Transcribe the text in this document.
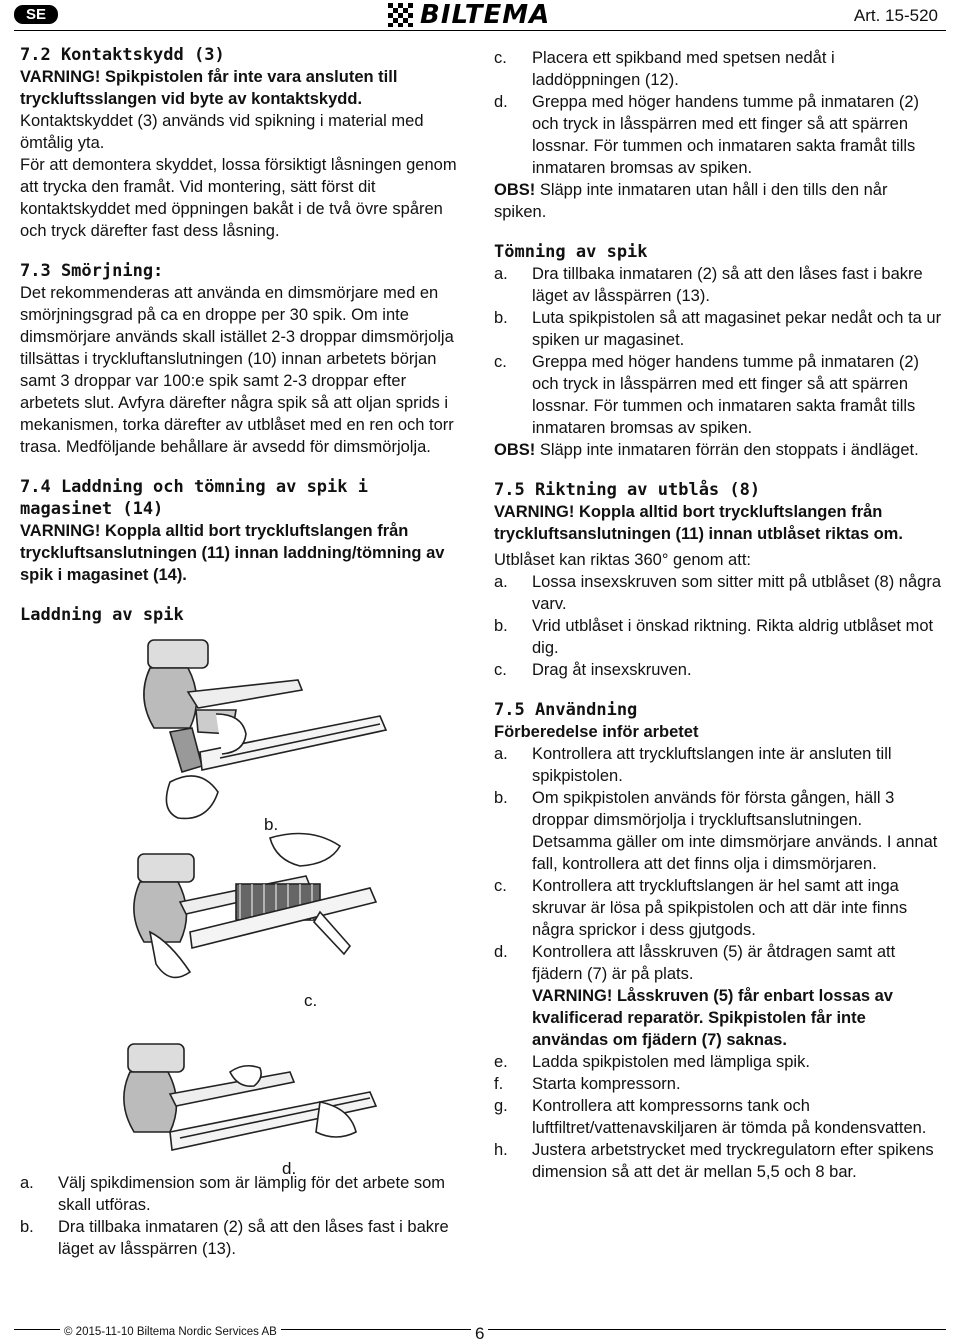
SE	BILTEMA	Art. 15-520
7.2 Kontaktskydd (3)
VARNING! Spikpistolen får inte vara ansluten till tryckluftsslangen vid byte av kontaktskydd.
Kontaktskyddet (3) används vid spikning i material med ömtålig yta.
För att demontera skyddet, lossa försiktigt låsningen genom att trycka den framåt. Vid montering, sätt först dit kontaktskyddet med öppningen bakåt i de två övre spåren och tryck därefter fast dess låsning.
7.3 Smörjning:
Det rekommenderas att använda en dimsmörjare med en smörjningsgrad på ca en droppe per 30 spik. Om inte dimsmörjare används skall istället 2-3 droppar dimsmörjolja tillsättas i tryckluftanslutningen (10) innan arbetets början samt 3 droppar var 100:e spik samt 2-3 droppar efter arbetets slut. Avfyra därefter några spik så att oljan sprids i mekanismen, torka därefter av utblåset med en ren och torr trasa. Medföljande behållare är avsedd för dimsmörjolja.
7.4 Laddning och tömning av spik i magasinet (14)
VARNING! Koppla alltid bort tryckluftslangen från tryckluftsanslutningen (11) innan laddning/tömning av spik i magasinet (14).
Laddning av spik
b.
c.
d.
a.	Välj spikdimension som är lämplig för det arbete som skall utföras.
b.	Dra tillbaka inmataren (2) så att den låses fast i bakre läget av låsspärren (13).
c.	Placera ett spikband med spetsen nedåt i laddöppningen (12).
d.	Greppa med höger handens tumme på inmataren (2) och tryck in låsspärren med ett finger så att spärren lossnar. För tummen och inmataren sakta framåt tills inmataren bromsas av spiken.
OBS! Släpp inte inmataren utan håll i den tills den når spiken.
Tömning av spik
a.	Dra tillbaka inmataren (2) så att den låses fast i bakre läget av låsspärren (13).
b.	Luta spikpistolen så att magasinet pekar nedåt och ta ur spiken ur magasinet.
c.	Greppa med höger handens tumme på inmataren (2) och tryck in låsspärren med ett finger så att spärren lossnar. För tummen och inmataren sakta framåt tills inmataren bromsas av spiken.
OBS! Släpp inte inmataren förrän den stoppats i ändläget.
7.5 Riktning av utblås (8)
VARNING! Koppla alltid bort tryckluftslangen från tryckluftsanslutningen (11) innan utblåset riktas om.
Utblåset kan riktas 360° genom att:
a.	Lossa insexskruven som sitter mitt på utblåset (8) några varv.
b.	Vrid utblåset i önskad riktning. Rikta aldrig utblåset mot dig.
c.	Drag åt insexskruven.
7.5 Användning
Förberedelse inför arbetet
a.	Kontrollera att tryckluftslangen inte är ansluten till spikpistolen.
b.	Om spikpistolen används för första gången, häll 3 droppar dimsmörjolja i tryckluftsanslutningen. Detsamma gäller om inte dimsmörjare används. I annat fall, kontrollera att det finns olja i dimsmörjaren.
c.	Kontrollera att tryckluftslangen är hel samt att inga skruvar är lösa på spikpistolen och att där inte finns några sprickor i dess gjutgods.
d.	Kontrollera att låsskruven (5) är åtdragen samt att fjädern (7) är på plats.
VARNING! Låsskruven (5) får enbart lossas av kvalificerad reparatör. Spikpistolen får inte användas om fjädern (7) saknas.
e.	Ladda spikpistolen med lämpliga spik.
f.	Starta kompressorn.
g.	Kontrollera att kompressorns tank och luftfiltret/vattenavskiljaren är tömda på kondensvatten.
h.	Justera arbetstrycket med tryckregulatorn efter spikens dimension så att det är mellan 5,5 och 8 bar.
© 2015-11-10 Biltema Nordic Services AB	6
